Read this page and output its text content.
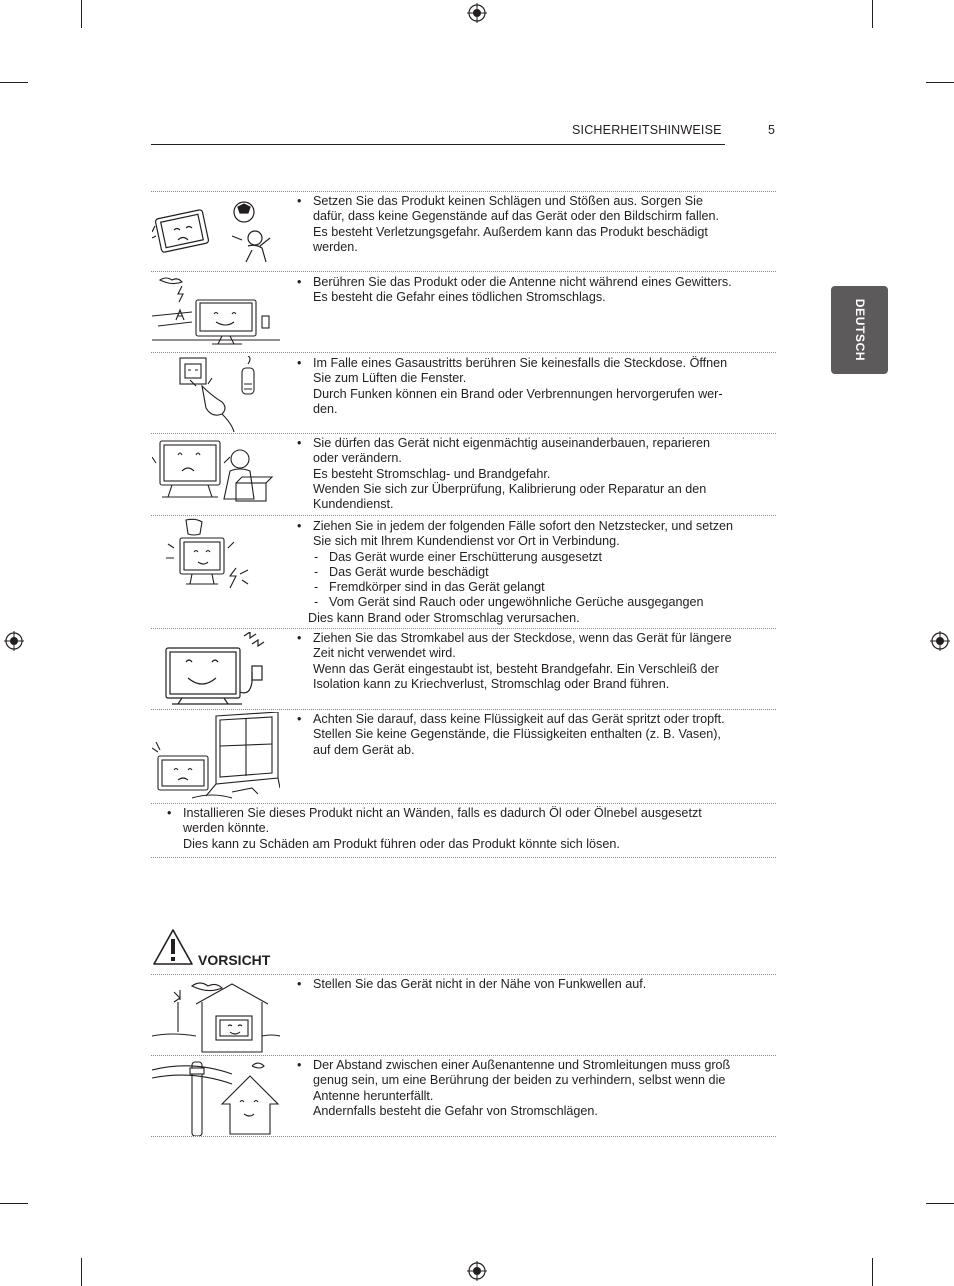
SICHERHEITSHINWEISE	5
DEUTSCH
• Setzen Sie das Produkt keinen Schlägen und Stößen aus. Sorgen Sie
dafür, dass keine Gegenstände auf das Gerät oder den Bildschirm fallen.
Es besteht Verletzungsgefahr. Außerdem kann das Produkt beschädigt
werden.
• Berühren Sie das Produkt oder die Antenne nicht während eines Gewitters.
Es besteht die Gefahr eines tödlichen Stromschlags.
• Im Falle eines Gasaustritts berühren Sie keinesfalls die Steckdose. Öffnen
Sie zum Lüften die Fenster.
Durch Funken können ein Brand oder Verbrennungen hervorgerufen wer-
den.
• Sie dürfen das Gerät nicht eigenmächtig auseinanderbauen, reparieren
oder verändern.
Es besteht Stromschlag- und Brandgefahr.
Wenden Sie sich zur Überprüfung, Kalibrierung oder Reparatur an den
Kundendienst.
• Ziehen Sie in jedem der folgenden Fälle sofort den Netzstecker, und setzen
Sie sich mit Ihrem Kundendienst vor Ort in Verbindung.
- Das Gerät wurde einer Erschütterung ausgesetzt
- Das Gerät wurde beschädigt
- Fremdkörper sind in das Gerät gelangt
- Vom Gerät sind Rauch oder ungewöhnliche Gerüche ausgegangen
Dies kann Brand oder Stromschlag verursachen.
• Ziehen Sie das Stromkabel aus der Steckdose, wenn das Gerät für längere
Zeit nicht verwendet wird.
Wenn das Gerät eingestaubt ist, besteht Brandgefahr. Ein Verschleiß der
Isolation kann zu Kriechverlust, Stromschlag oder Brand führen.
• Achten Sie darauf, dass keine Flüssigkeit auf das Gerät spritzt oder tropft.
Stellen Sie keine Gegenstände, die Flüssigkeiten enthalten (z. B. Vasen),
auf dem Gerät ab.
• Installieren Sie dieses Produkt nicht an Wänden, falls es dadurch Öl oder Ölnebel ausgesetzt
werden könnte.
Dies kann zu Schäden am Produkt führen oder das Produkt könnte sich lösen.
VORSICHT
• Stellen Sie das Gerät nicht in der Nähe von Funkwellen auf.
• Der Abstand zwischen einer Außenantenne und Stromleitungen muss groß
genug sein, um eine Berührung der beiden zu verhindern, selbst wenn die
Antenne herunterfällt.
Andernfalls besteht die Gefahr von Stromschlägen.
